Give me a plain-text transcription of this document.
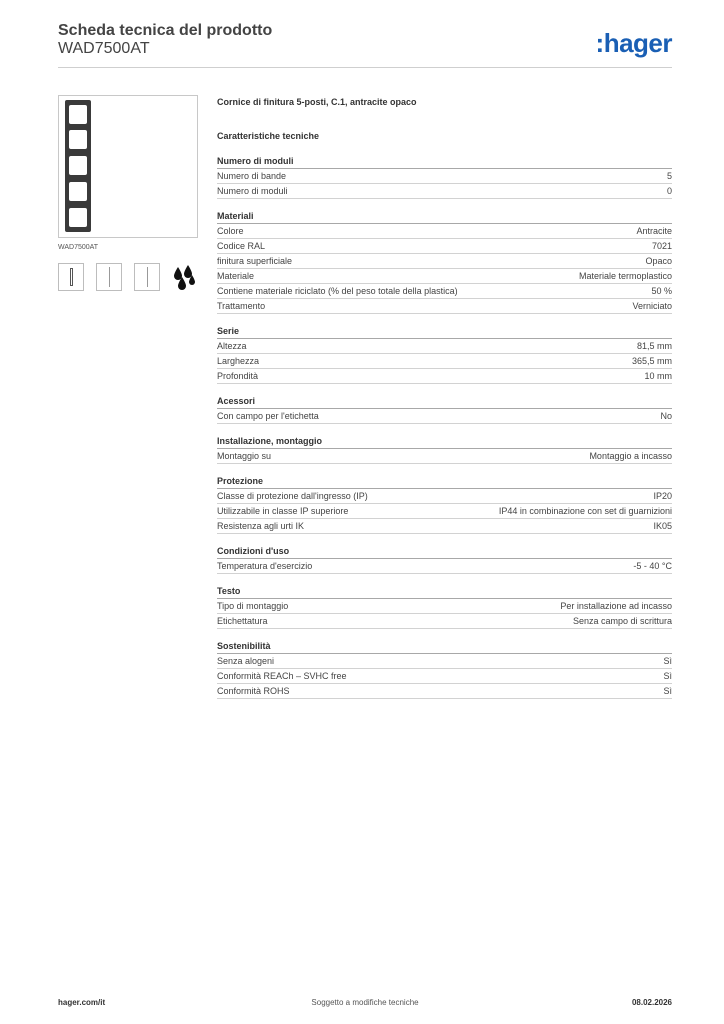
Scheda tecnica del prodotto
WAD7500AT	:hager
WAD7500AT
Cornice di finitura 5-posti, C.1, antracite opaco
Caratteristiche tecniche
Numero di moduli
Numero di bande	5
Numero di moduli	0
Materiali
Colore	Antracite
Codice RAL	7021
finitura superficiale	Opaco
Materiale	Materiale termoplastico
Contiene materiale riciclato (% del peso totale della plastica)	50 %
Trattamento	Verniciato
Serie
Altezza	81,5 mm
Larghezza	365,5 mm
Profondità	10 mm
Acessori
Con campo per l'etichetta	No
Installazione, montaggio
Montaggio su	Montaggio a incasso
Protezione
Classe di protezione dall'ingresso (IP)	IP20
Utilizzabile in classe IP superiore	IP44 in combinazione con set di guarnizioni
Resistenza agli urti IK	IK05
Condizioni d'uso
Temperatura d'esercizio	-5 - 40 °C
Testo
Tipo di montaggio	Per installazione ad incasso
Etichettatura	Senza campo di scrittura
Sostenibilità
Senza alogeni	Sì
Conformità REACh – SVHC free	Sì
Conformità ROHS	Sì
hager.com/it	Soggetto a modifiche tecniche	08.02.2026
